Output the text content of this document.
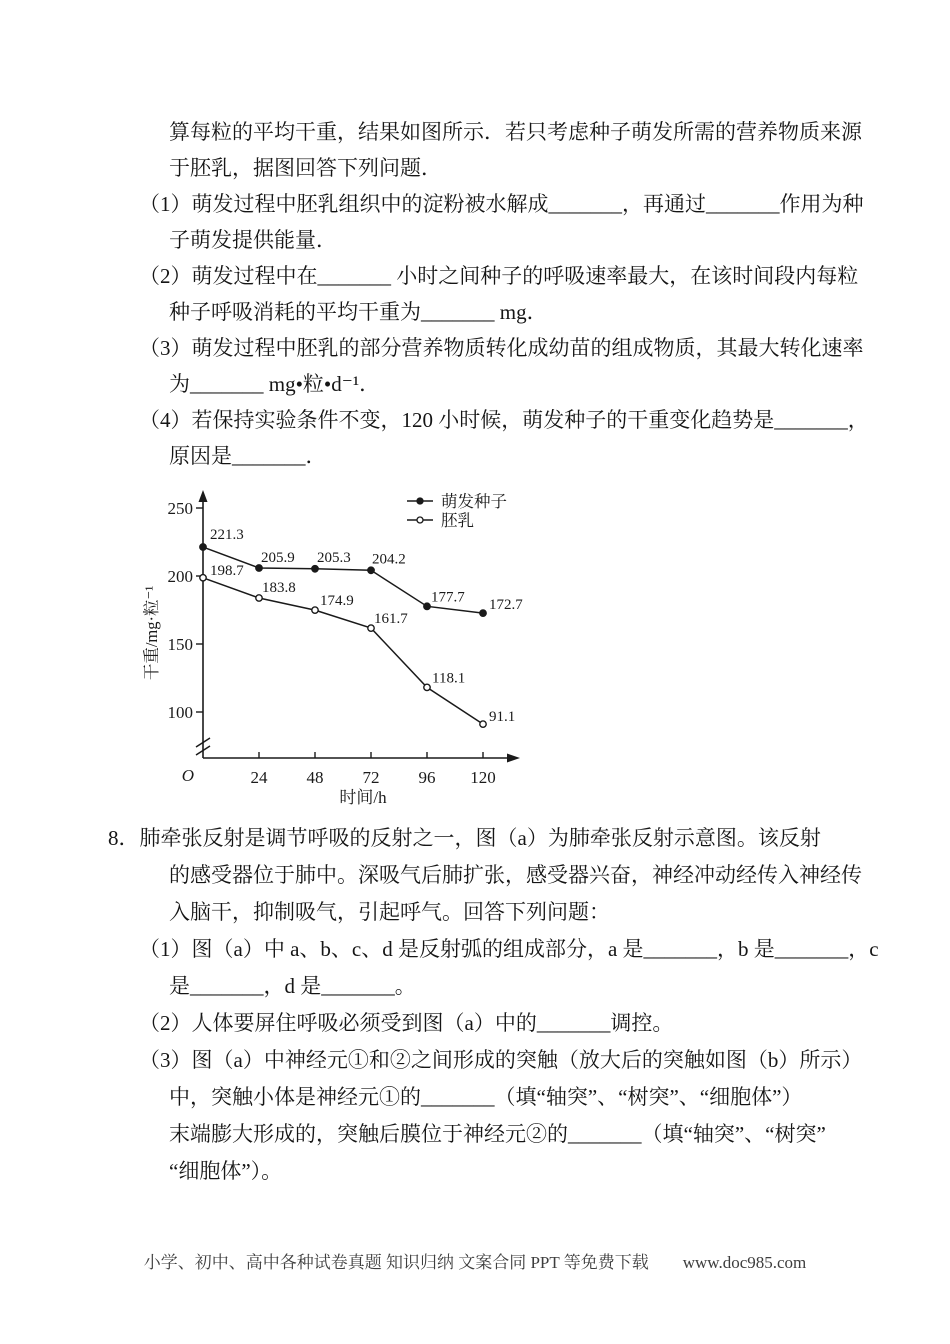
算每粒的平均干重，结果如图所示．若只考虑种子萌发所需的营养物质来源
于胚乳，据图回答下列问题．
（1）萌发过程中胚乳组织中的淀粉被水解成_______，再通过_______作用为种
子萌发提供能量．
（2）萌发过程中在_______ 小时之间种子的呼吸速率最大，在该时间段内每粒
种子呼吸消耗的平均干重为_______ mg．
（3）萌发过程中胚乳的部分营养物质转化成幼苗的组成物质，其最大转化速率
为_______ mg•粒•d⁻¹．
（4）若保持实验条件不变，120 小时候，萌发种子的干重变化趋势是_______，
原因是_______．
24 48 72 96 120
100
150
200
250
O
时间/h
干重/mg·粒⁻¹
221.3
205.9 205.3 204.2
177.7 172.7
198.7
183.8
174.9
161.7
118.1
91.1
萌发种子
胚乳
8．肺牵张反射是调节呼吸的反射之一，图（a）为肺牵张反射示意图。该反射
的感受器位于肺中。深吸气后肺扩张，感受器兴奋，神经冲动经传入神经传
入脑干，抑制吸气，引起呼气。回答下列问题：
（1）图（a）中 a、b、c、d 是反射弧的组成部分，a 是_______，b 是_______，c
是_______，d 是_______。
（2）人体要屏住呼吸必须受到图（a）中的_______调控。
（3）图（a）中神经元①和②之间形成的突触（放大后的突触如图（b）所示）
中，突触小体是神经元①的_______（填“轴突”、“树突”、“细胞体”）
末端膨大形成的，突触后膜位于神经元②的_______（填“轴突”、“树突”
“细胞体”）。
小学、初中、高中各种试卷真题 知识归纳 文案合同 PPT 等免费下载 www.doc985.com
